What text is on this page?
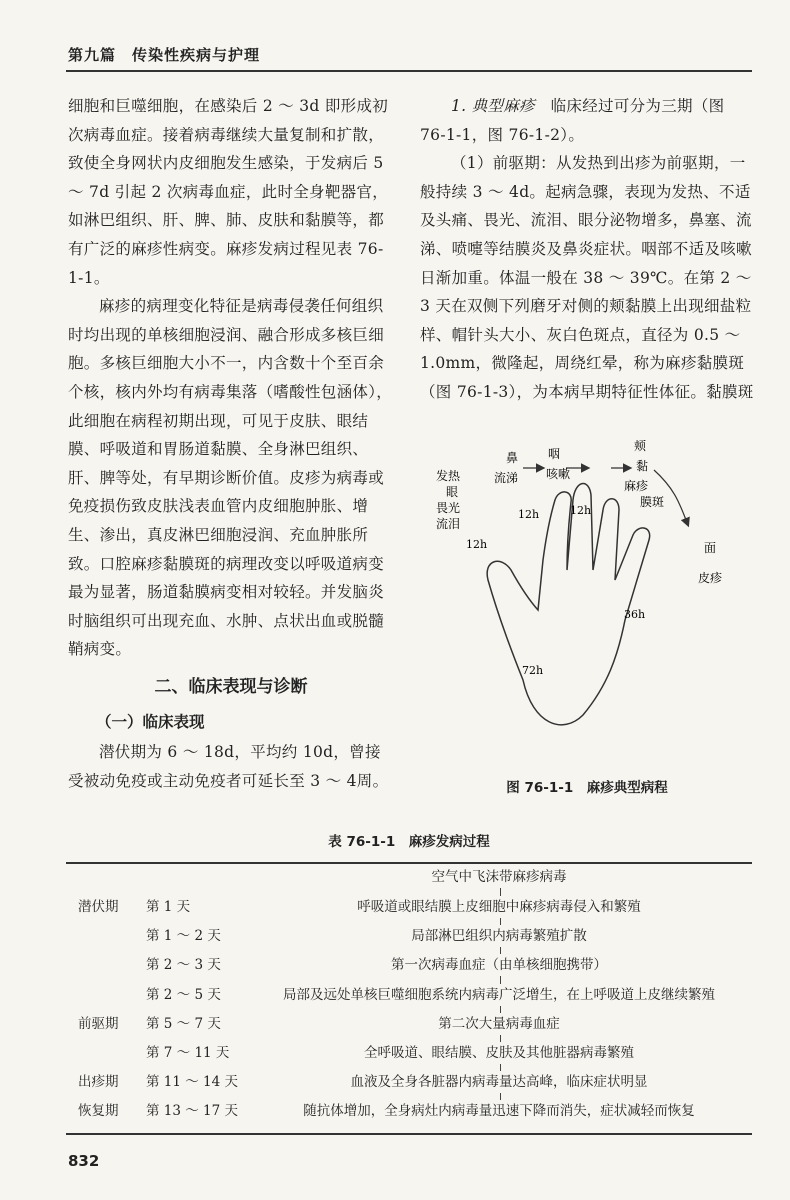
第九篇　传染性疾病与护理

细胞和巨噬细胞，在感染后 2 ～ 3d 即形成初次病毒血症。接着病毒继续大量复制和扩散，致使全身网状内皮细胞发生感染，于发病后 5 ～ 7d 引起 2 次病毒血症，此时全身靶器官，如淋巴组织、肝、脾、肺、皮肤和黏膜等，都有广泛的麻疹性病变。麻疹发病过程见表 76-1-1。

麻疹的病理变化特征是病毒侵袭任何组织时均出现的单核细胞浸润、融合形成多核巨细胞。多核巨细胞大小不一，内含数十个至百余个核，核内外均有病毒集落（嗜酸性包涵体），此细胞在病程初期出现，可见于皮肤、眼结膜、呼吸道和胃肠道黏膜、全身淋巴组织、肝、脾等处，有早期诊断价值。皮疹为病毒或免疫损伤致皮肤浅表血管内皮细胞肿胀、增生、渗出，真皮淋巴细胞浸润、充血肿胀所致。口腔麻疹黏膜斑的病理改变以呼吸道病变最为显著，肠道黏膜病变相对较轻。并发脑炎时脑组织可出现充血、水肿、点状出血或脱髓鞘病变。

二、临床表现与诊断
（一）临床表现

潜伏期为 6 ～ 18d，平均约 10d，曾接受被动免疫或主动免疫者可延长至 3 ～ 4周。

1. 典型麻疹　临床经过可分为三期（图 76-1-1，图 76-1-2）。

（1）前驱期：从发热到出疹为前驱期，一般持续 3 ～ 4d。起病急骤，表现为发热、不适及头痛、畏光、流泪、眼分泌物增多，鼻塞、流涕、喷嚏等结膜炎及鼻炎症状。咽部不适及咳嗽日渐加重。体温一般在 38 ～ 39℃。在第 2 ～ 3 天在双侧下列磨牙对侧的颊黏膜上出现细盐粒样、帽针头大小、灰白色斑点，直径为 0.5 ～ 1.0mm，微隆起，周绕红晕，称为麻疹黏膜斑（图 76-1-3），为本病早期特征性体征。黏膜斑

发热
眼
畏光
流泪
鼻
流涕
咽
咳嗽
颊
黏
麻疹
膜斑
面
皮疹
12h
12h	12h
36h
72h
图 76-1-1　麻疹典型病程
表 76-1-1　麻疹发病过程
空气中飞沫带麻疹病毒
潜伏期 第 1 天	呼吸道或眼结膜上皮细胞中麻疹病毒侵入和繁殖
第 1 ～ 2 天	局部淋巴组织内病毒繁殖扩散
第 2 ～ 3 天	第一次病毒血症（由单核细胞携带）
第 2 ～ 5 天	局部及远处单核巨噬细胞系统内病毒广泛增生，在上呼吸道上皮继续繁殖
前驱期 第 5 ～ 7 天	第二次大量病毒血症
第 7 ～ 11 天	全呼吸道、眼结膜、皮肤及其他脏器病毒繁殖
出疹期 第 11 ～ 14 天	血液及全身各脏器内病毒量达高峰，临床症状明显
恢复期 第 13 ～ 17 天	随抗体增加，全身病灶内病毒量迅速下降而消失，症状减轻而恢复
832
